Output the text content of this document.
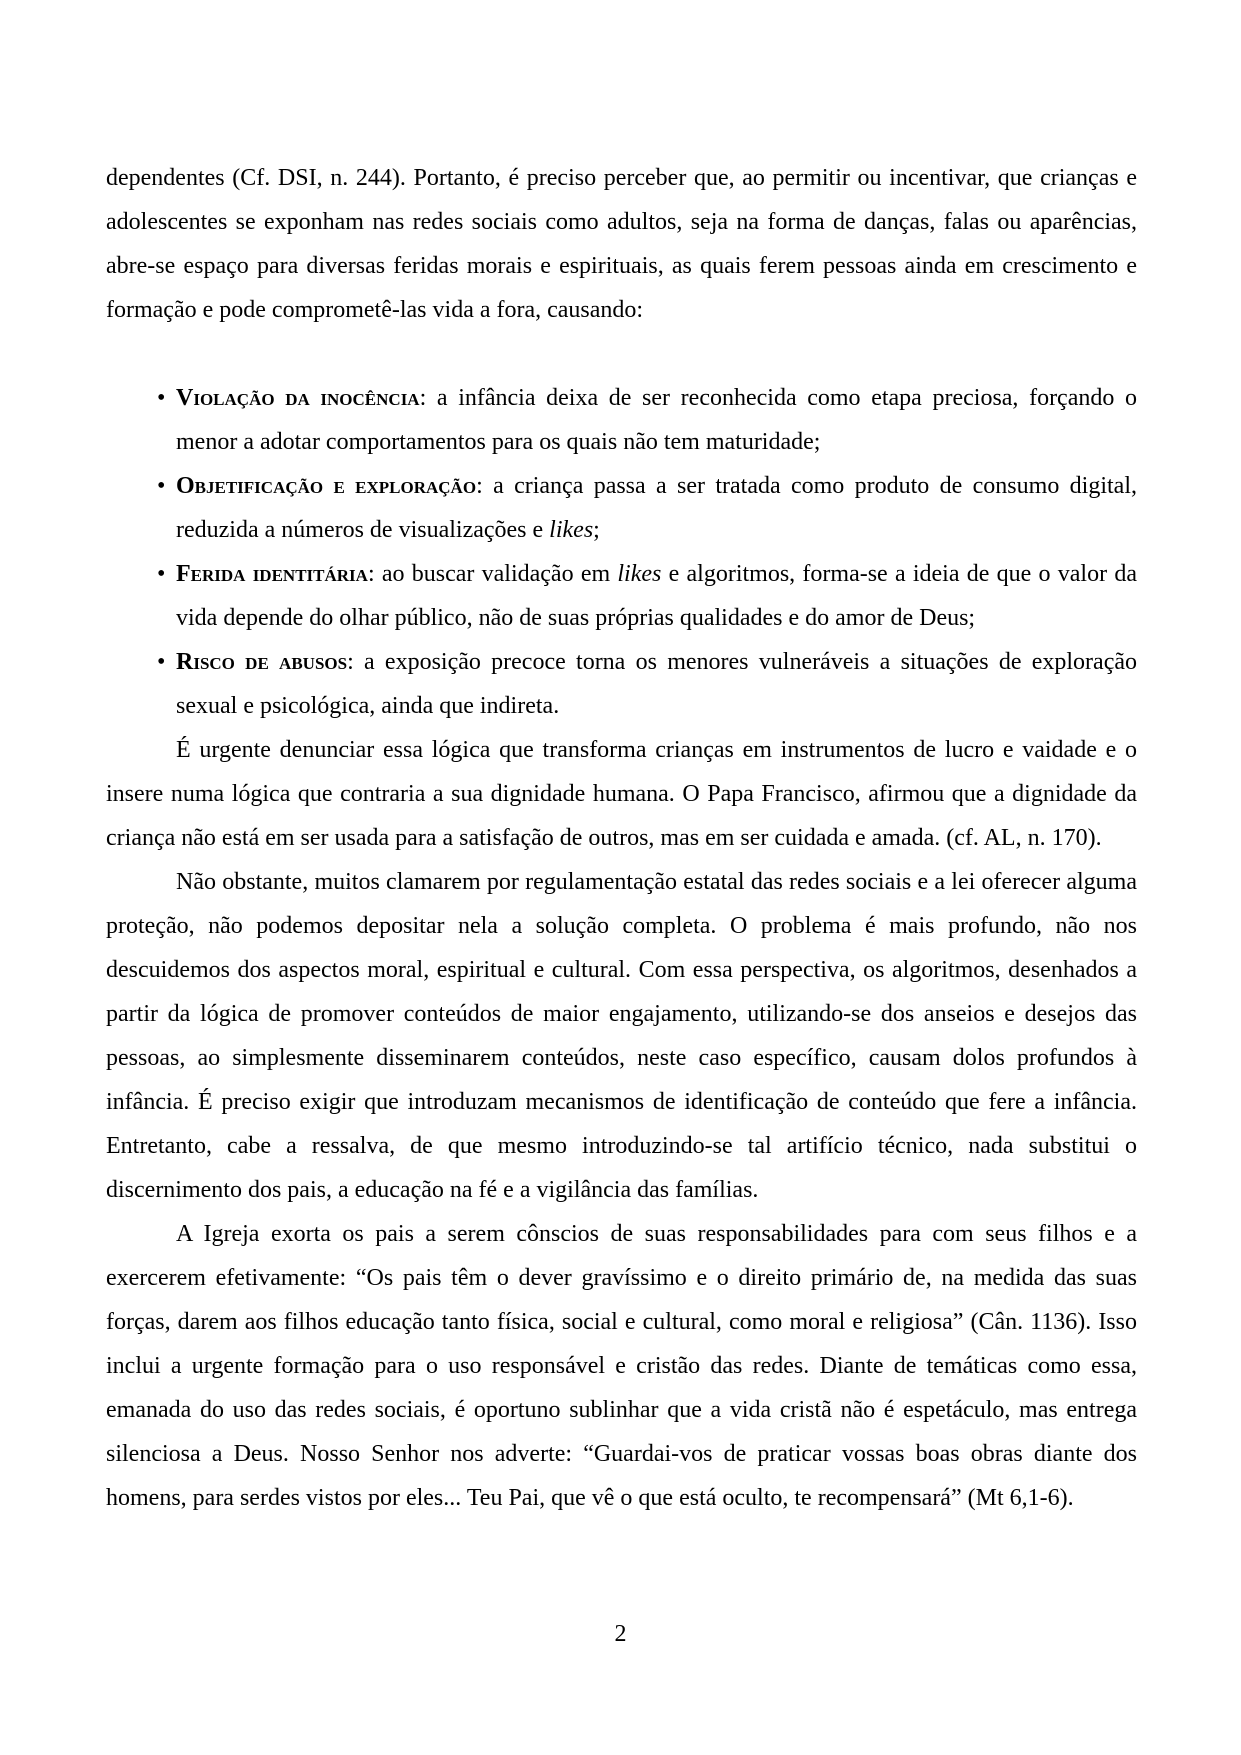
dependentes (Cf. DSI, n. 244). Portanto, é preciso perceber que, ao permitir ou incentivar, que crianças e adolescentes se exponham nas redes sociais como adultos, seja na forma de danças, falas ou aparências, abre-se espaço para diversas feridas morais e espirituais, as quais ferem pessoas ainda em crescimento e formação e pode comprometê-las vida a fora, causando:

• Violação da inocência: a infância deixa de ser reconhecida como etapa preciosa, forçando o menor a adotar comportamentos para os quais não tem maturidade;
• Objetificação e exploração: a criança passa a ser tratada como produto de consumo digital, reduzida a números de visualizações e likes;
• Ferida identitária: ao buscar validação em likes e algoritmos, forma-se a ideia de que o valor da vida depende do olhar público, não de suas próprias qualidades e do amor de Deus;
• Risco de abusos: a exposição precoce torna os menores vulneráveis a situações de exploração sexual e psicológica, ainda que indireta.

É urgente denunciar essa lógica que transforma crianças em instrumentos de lucro e vaidade e o insere numa lógica que contraria a sua dignidade humana. O Papa Francisco, afirmou que a dignidade da criança não está em ser usada para a satisfação de outros, mas em ser cuidada e amada. (cf. AL, n. 170).

Não obstante, muitos clamarem por regulamentação estatal das redes sociais e a lei oferecer alguma proteção, não podemos depositar nela a solução completa. O problema é mais profundo, não nos descuidemos dos aspectos moral, espiritual e cultural. Com essa perspectiva, os algoritmos, desenhados a partir da lógica de promover conteúdos de maior engajamento, utilizando-se dos anseios e desejos das pessoas, ao simplesmente disseminarem conteúdos, neste caso específico, causam dolos profundos à infância. É preciso exigir que introduzam mecanismos de identificação de conteúdo que fere a infância. Entretanto, cabe a ressalva, de que mesmo introduzindo-se tal artifício técnico, nada substitui o discernimento dos pais, a educação na fé e a vigilância das famílias.

A Igreja exorta os pais a serem cônscios de suas responsabilidades para com seus filhos e a exercerem efetivamente: “Os pais têm o dever gravíssimo e o direito primário de, na medida das suas forças, darem aos filhos educação tanto física, social e cultural, como moral e religiosa” (Cân. 1136). Isso inclui a urgente formação para o uso responsável e cristão das redes. Diante de temáticas como essa, emanada do uso das redes sociais, é oportuno sublinhar que a vida cristã não é espetáculo, mas entrega silenciosa a Deus. Nosso Senhor nos adverte: “Guardai-vos de praticar vossas boas obras diante dos homens, para serdes vistos por eles... Teu Pai, que vê o que está oculto, te recompensará” (Mt 6,1-6).

2
